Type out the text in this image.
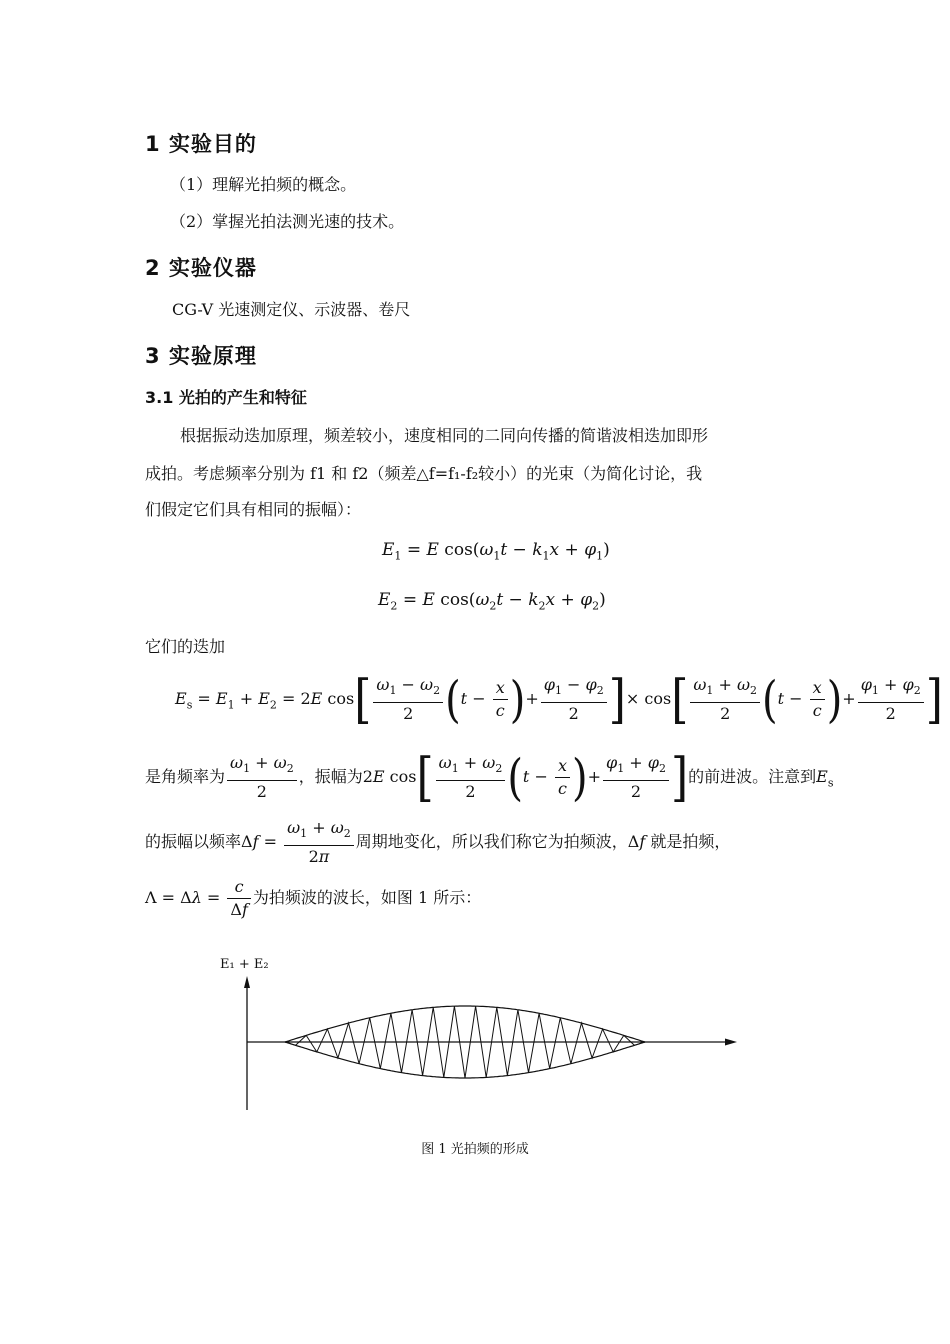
1 实验目的
（1）理解光拍频的概念。
（2）掌握光拍法测光速的技术。
2 实验仪器
CG-V 光速测定仪、示波器、卷尺
3 实验原理
3.1 光拍的产生和特征
根据振动迭加原理，频差较小，速度相同的二同向传播的简谐波相迭加即形
成拍。考虑频率分别为 f1 和 f2（频差△f=f₁-f₂较小）的光束（为简化讨论，我
们假定它们具有相同的振幅）：
$E_1 = E$ $\cos(\omega_1t - k_1x + \varphi_1)$
$E_2 = E$ $\cos(\omega_2t - k_2x + \varphi_2)$
它们的迭加
$E_s = E_1 + E_2 = 2E$ $\cos[ \frac{\omega_1 - \omega_2}{2} (t - \frac{x}{c}$ )+ $\frac{\varphi_1 - \varphi_2}{2}$ ]× $\cos[ \frac{\omega_1 + \omega_2}{2} (t - \frac{x}{c}$ )+ $\frac{\varphi_1 + \varphi_2}{2}$ ]
是角频率为 $\frac{\omega_1 + \omega_2}{2}$ ，振幅为2E $\cos[ \frac{\omega_1 + \omega_2}{2} (t - \frac{x}{c}$ )+ $\frac{\varphi_1 + \varphi_2}{2}$ ]的前进波。注意到$E_s$
的振幅以频率$\Delta f = \frac{\omega_1 + \omega_2}{2\pi}$ 周期地变化，所以我们称它为拍频波，Δf 就是拍频，
$\Lambda = \Delta\lambda = \frac{c}{\Delta f}$ 为拍频波的波长，如图 1 所示：
E₁ + E₂
图 1 光拍频的形成
